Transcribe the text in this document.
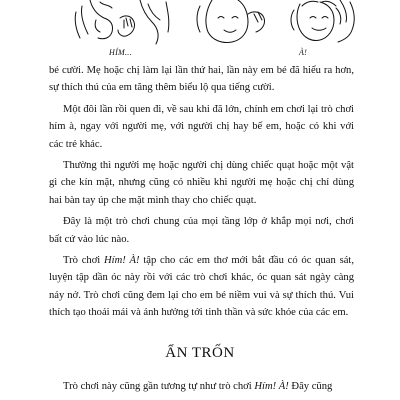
HÍM...	À!

bé cười. Mẹ hoặc chị làm lại lần thứ hai, lần này em bé đã hiểu ra hơn, sự thích thú của em tăng thêm biểu lộ qua tiếng cười.

Một đôi lần rồi quen đi, về sau khi đã lớn, chính em chơi lại trò chơi hím à, ngay với người mẹ, với người chị hay bế em, hoặc có khi với các trẻ khác.

Thường thì người mẹ hoặc người chị dùng chiếc quạt hoặc một vật gì che kín mặt, nhưng cũng có nhiều khi người mẹ hoặc chị chỉ dùng hai bàn tay úp che mặt mình thay cho chiếc quạt.

Đây là một trò chơi chung của mọi tầng lớp ở khắp mọi nơi, chơi bất cứ vào lúc nào.

Trò chơi Hím! À! tập cho các em thơ mới bắt đầu có óc quan sát, luyện tập dần óc này rồi với các trò chơi khác, óc quan sát ngày càng nảy nở. Trò chơi cũng đem lại cho em bé niềm vui và sự thích thú. Vui thích tạo thoải mái và ảnh hưởng tới tinh thần và sức khỏe của các em.

ẨN TRỐN

Trò chơi này cũng gần tương tự như trò chơi Hím! À! Đây cũng
